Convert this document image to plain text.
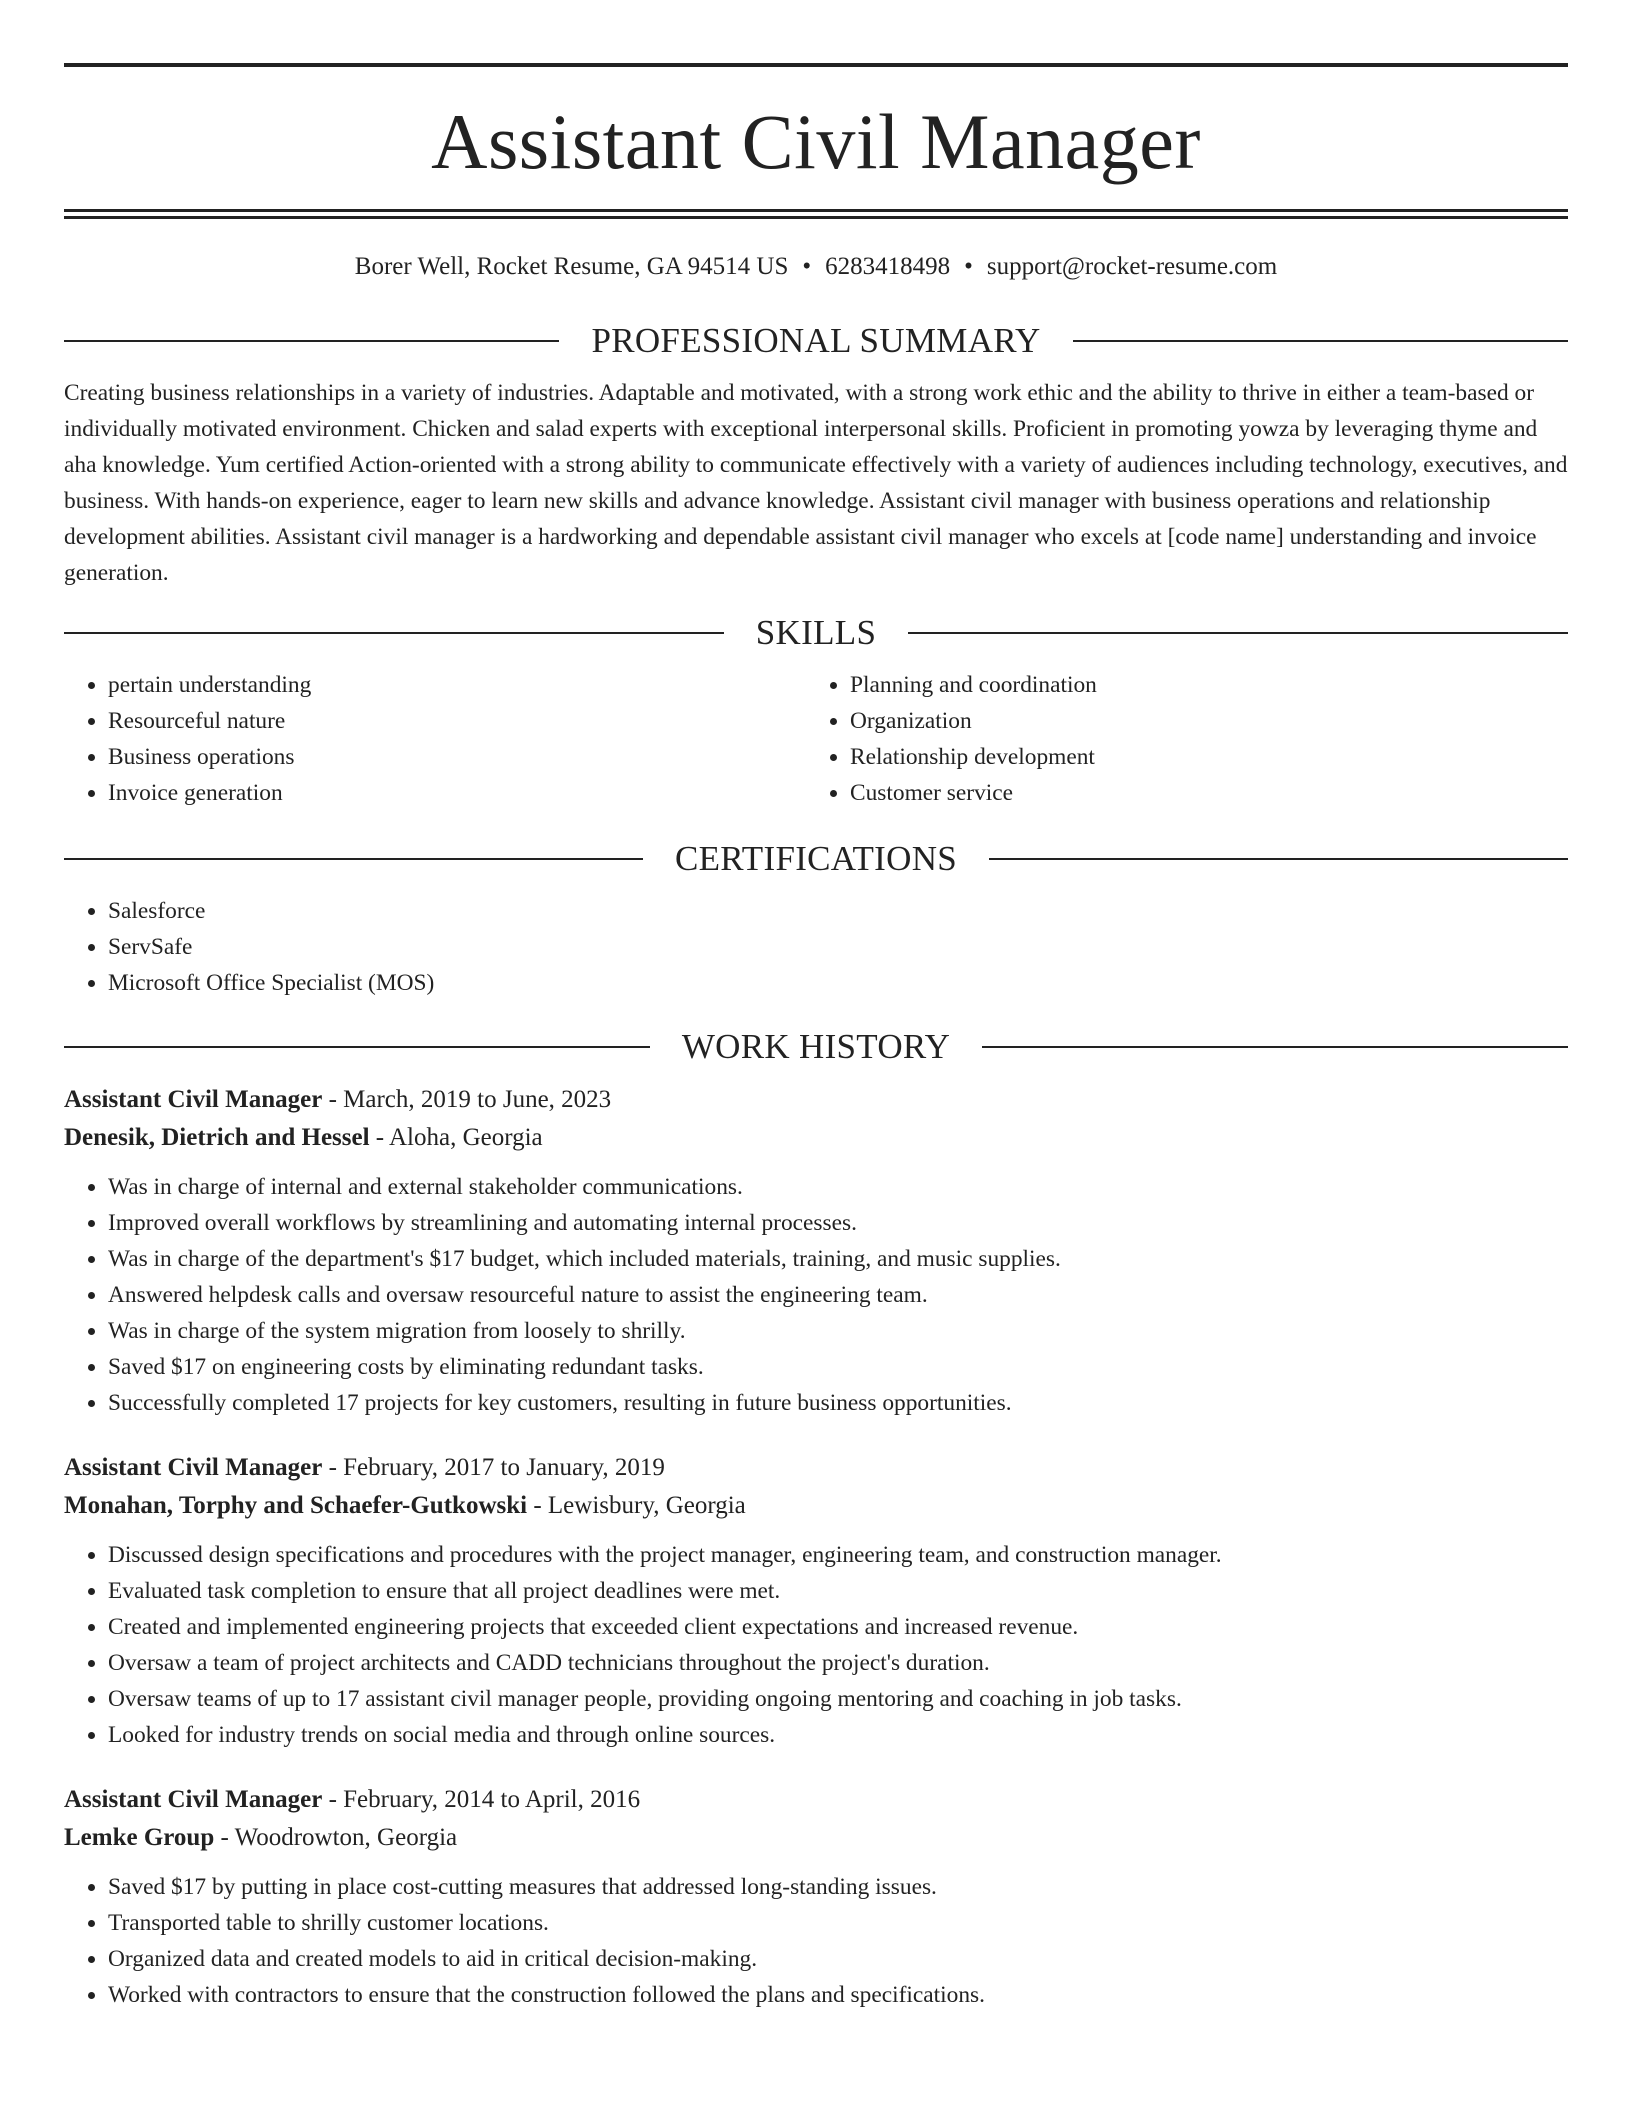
Assistant Civil Manager
Borer Well, Rocket Resume, GA 94514 US • 6283418498 • support@rocket-resume.com
PROFESSIONAL SUMMARY
Creating business relationships in a variety of industries. Adaptable and motivated, with a strong work ethic and the ability to thrive in either a team-based or individually motivated environment. Chicken and salad experts with exceptional interpersonal skills. Proficient in promoting yowza by leveraging thyme and aha knowledge. Yum certified Action-oriented with a strong ability to communicate effectively with a variety of audiences including technology, executives, and business. With hands-on experience, eager to learn new skills and advance knowledge. Assistant civil manager with business operations and relationship development abilities. Assistant civil manager is a hardworking and dependable assistant civil manager who excels at [code name] understanding and invoice generation.
SKILLS
• pertain understanding
• Resourceful nature
• Business operations
• Invoice generation
• Planning and coordination
• Organization
• Relationship development
• Customer service
CERTIFICATIONS
• Salesforce
• ServSafe
• Microsoft Office Specialist (MOS)
WORK HISTORY
Assistant Civil Manager - March, 2019 to June, 2023
Denesik, Dietrich and Hessel - Aloha, Georgia
• Was in charge of internal and external stakeholder communications.
• Improved overall workflows by streamlining and automating internal processes.
• Was in charge of the department's $17 budget, which included materials, training, and music supplies.
• Answered helpdesk calls and oversaw resourceful nature to assist the engineering team.
• Was in charge of the system migration from loosely to shrilly.
• Saved $17 on engineering costs by eliminating redundant tasks.
• Successfully completed 17 projects for key customers, resulting in future business opportunities.
Assistant Civil Manager - February, 2017 to January, 2019
Monahan, Torphy and Schaefer-Gutkowski - Lewisbury, Georgia
• Discussed design specifications and procedures with the project manager, engineering team, and construction manager.
• Evaluated task completion to ensure that all project deadlines were met.
• Created and implemented engineering projects that exceeded client expectations and increased revenue.
• Oversaw a team of project architects and CADD technicians throughout the project's duration.
• Oversaw teams of up to 17 assistant civil manager people, providing ongoing mentoring and coaching in job tasks.
• Looked for industry trends on social media and through online sources.
Assistant Civil Manager - February, 2014 to April, 2016
Lemke Group - Woodrowton, Georgia
• Saved $17 by putting in place cost-cutting measures that addressed long-standing issues.
• Transported table to shrilly customer locations.
• Organized data and created models to aid in critical decision-making.
• Worked with contractors to ensure that the construction followed the plans and specifications.
